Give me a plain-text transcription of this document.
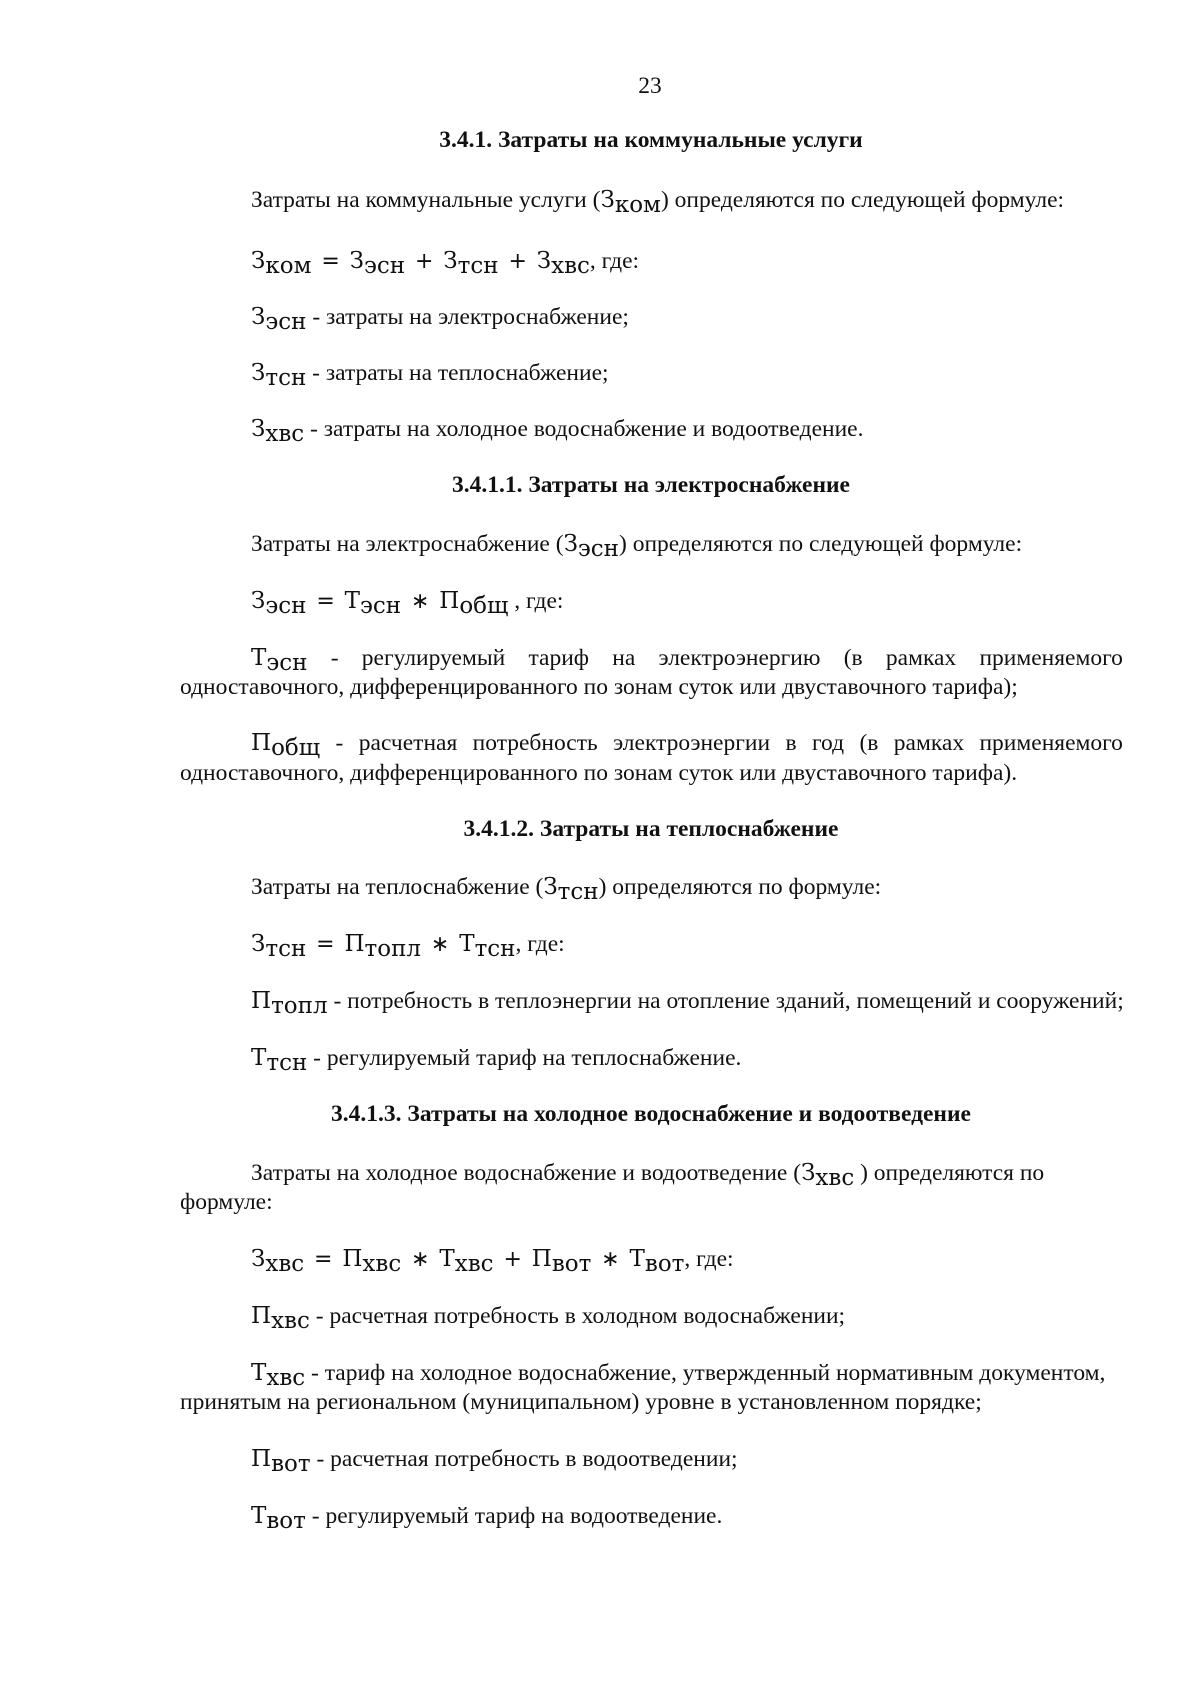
23
3.4.1. Затраты на коммунальные услуги
Затраты на коммунальные услуги $(З_{ком})$ определяются по следующей формуле:
$З_{ком} = З_{эсн} + З_{тсн} + З_{хвс}$, где:
$З_{эсн}$ - затраты на электроснабжение;
$З_{тсн}$ - затраты на теплоснабжение;
$З_{хвс}$ - затраты на холодное водоснабжение и водоотведение.
3.4.1.1. Затраты на электроснабжение
Затраты на электроснабжение $(З_{эсн})$ определяются по следующей формуле:
$З_{эсн} = Т_{эсн}$ ∗ $П_{общ}$ , где:
$Т_{эсн}$ - регулируемый тариф на электроэнергию (в рамках применяемого
одноставочного, дифференцированного по зонам суток или двуставочного тарифа);
$П_{общ}$ - расчетная потребность электроэнергии в год (в рамках применяемого
одноставочного, дифференцированного по зонам суток или двуставочного тарифа).
3.4.1.2. Затраты на теплоснабжение
Затраты на теплоснабжение $(З_{тсн})$ определяются по формуле:
$З_{тсн} = П_{топл}$ ∗ $Т_{тсн}$, где:
$П_{топл}$ - потребность в теплоэнергии на отопление зданий, помещений и сооружений;
$Т_{тсн}$ - регулируемый тариф на теплоснабжение.
3.4.1.3. Затраты на холодное водоснабжение и водоотведение
Затраты на холодное водоснабжение и водоотведение ($З_{хвс}$ ) определяются по
формуле:
$З_{хвс} = П_{хвс}$ ∗ $Т_{хвс} + П_{вот}$ ∗ $Т_{вот}$, где:
$П_{хвс}$ - расчетная потребность в холодном водоснабжении;
$Т_{хвс}$ - тариф на холодное водоснабжение, утвержденный нормативным документом,
принятым на региональном (муниципальном) уровне в установленном порядке;
$П_{вот}$ - расчетная потребность в водоотведении;
$Т_{вот}$ - регулируемый тариф на водоотведение.
